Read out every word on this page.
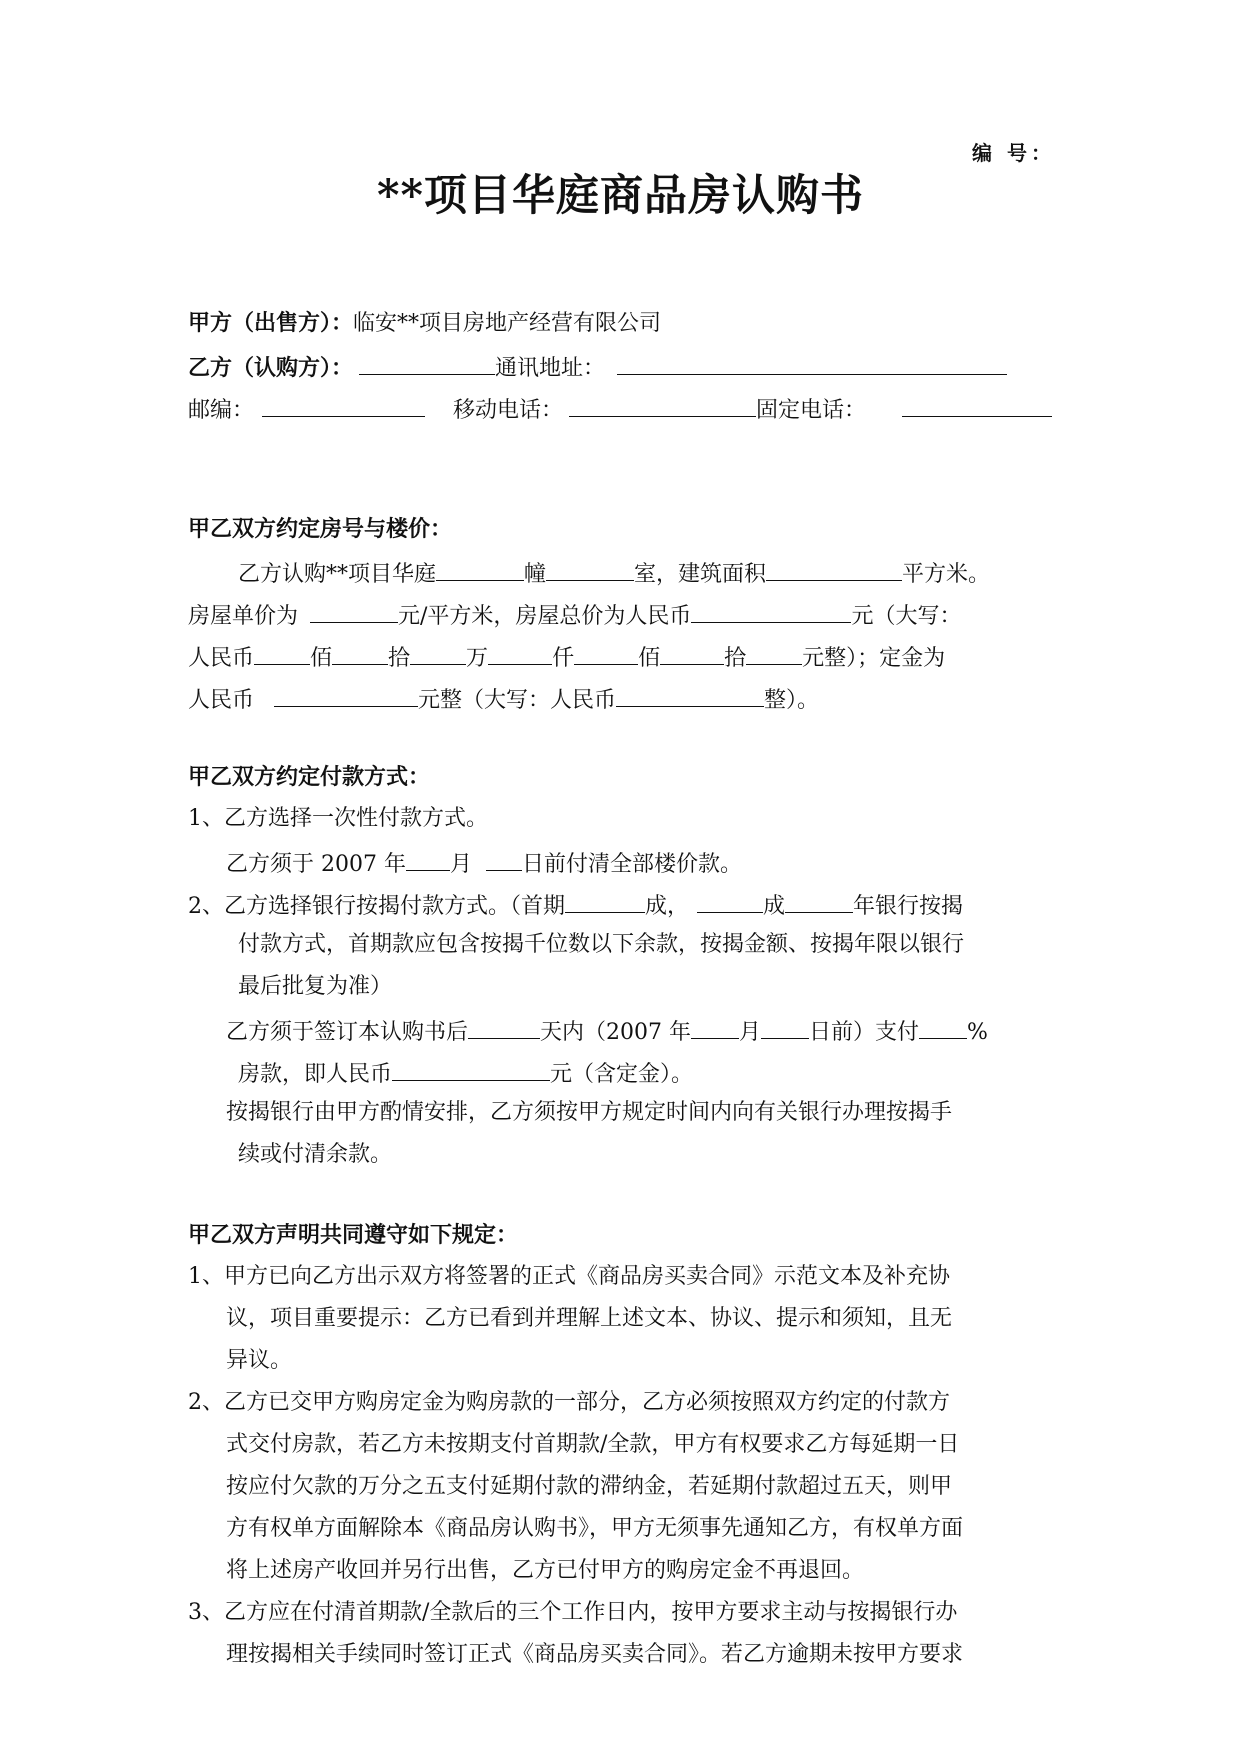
编 号：
**项目华庭商品房认购书
甲方（出售方）：临安**项目房地产经营有限公司
乙方（认购方）：	通讯地址：
邮编：	移动电话：	固定电话：
甲乙双方约定房号与楼价：
乙方认购**项目华庭	幢	室，建筑面积	平方米。
房屋单价为	元/平方米，房屋总价为人民币	元（大写：
人民币	佰	拾	万	仟	佰	拾	元整）；定金为
人民币	元整（大写：人民币	整）。
甲乙双方约定付款方式：
1、乙方选择一次性付款方式。
乙方须于 2007 年 月 日前付清全部楼价款。
2、乙方选择银行按揭付款方式。（首期	成，	成	年银行按揭
付款方式，首期款应包含按揭千位数以下余款，按揭金额、按揭年限以银行
最后批复为准）
乙方须于签订本认购书后	天内（2007 年 月 日前）支付 %
房款，即人民币	元（含定金）。
按揭银行由甲方酌情安排，乙方须按甲方规定时间内向有关银行办理按揭手
续或付清余款。
甲乙双方声明共同遵守如下规定：
1、甲方已向乙方出示双方将签署的正式《商品房买卖合同》示范文本及补充协
议，项目重要提示：乙方已看到并理解上述文本、协议、提示和须知，且无
异议。
2、乙方已交甲方购房定金为购房款的一部分，乙方必须按照双方约定的付款方
式交付房款，若乙方未按期支付首期款/全款，甲方有权要求乙方每延期一日
按应付欠款的万分之五支付延期付款的滞纳金，若延期付款超过五天，则甲
方有权单方面解除本《商品房认购书》，甲方无须事先通知乙方，有权单方面
将上述房产收回并另行出售，乙方已付甲方的购房定金不再退回。
3、乙方应在付清首期款/全款后的三个工作日内，按甲方要求主动与按揭银行办
理按揭相关手续同时签订正式《商品房买卖合同》。若乙方逾期未按甲方要求
